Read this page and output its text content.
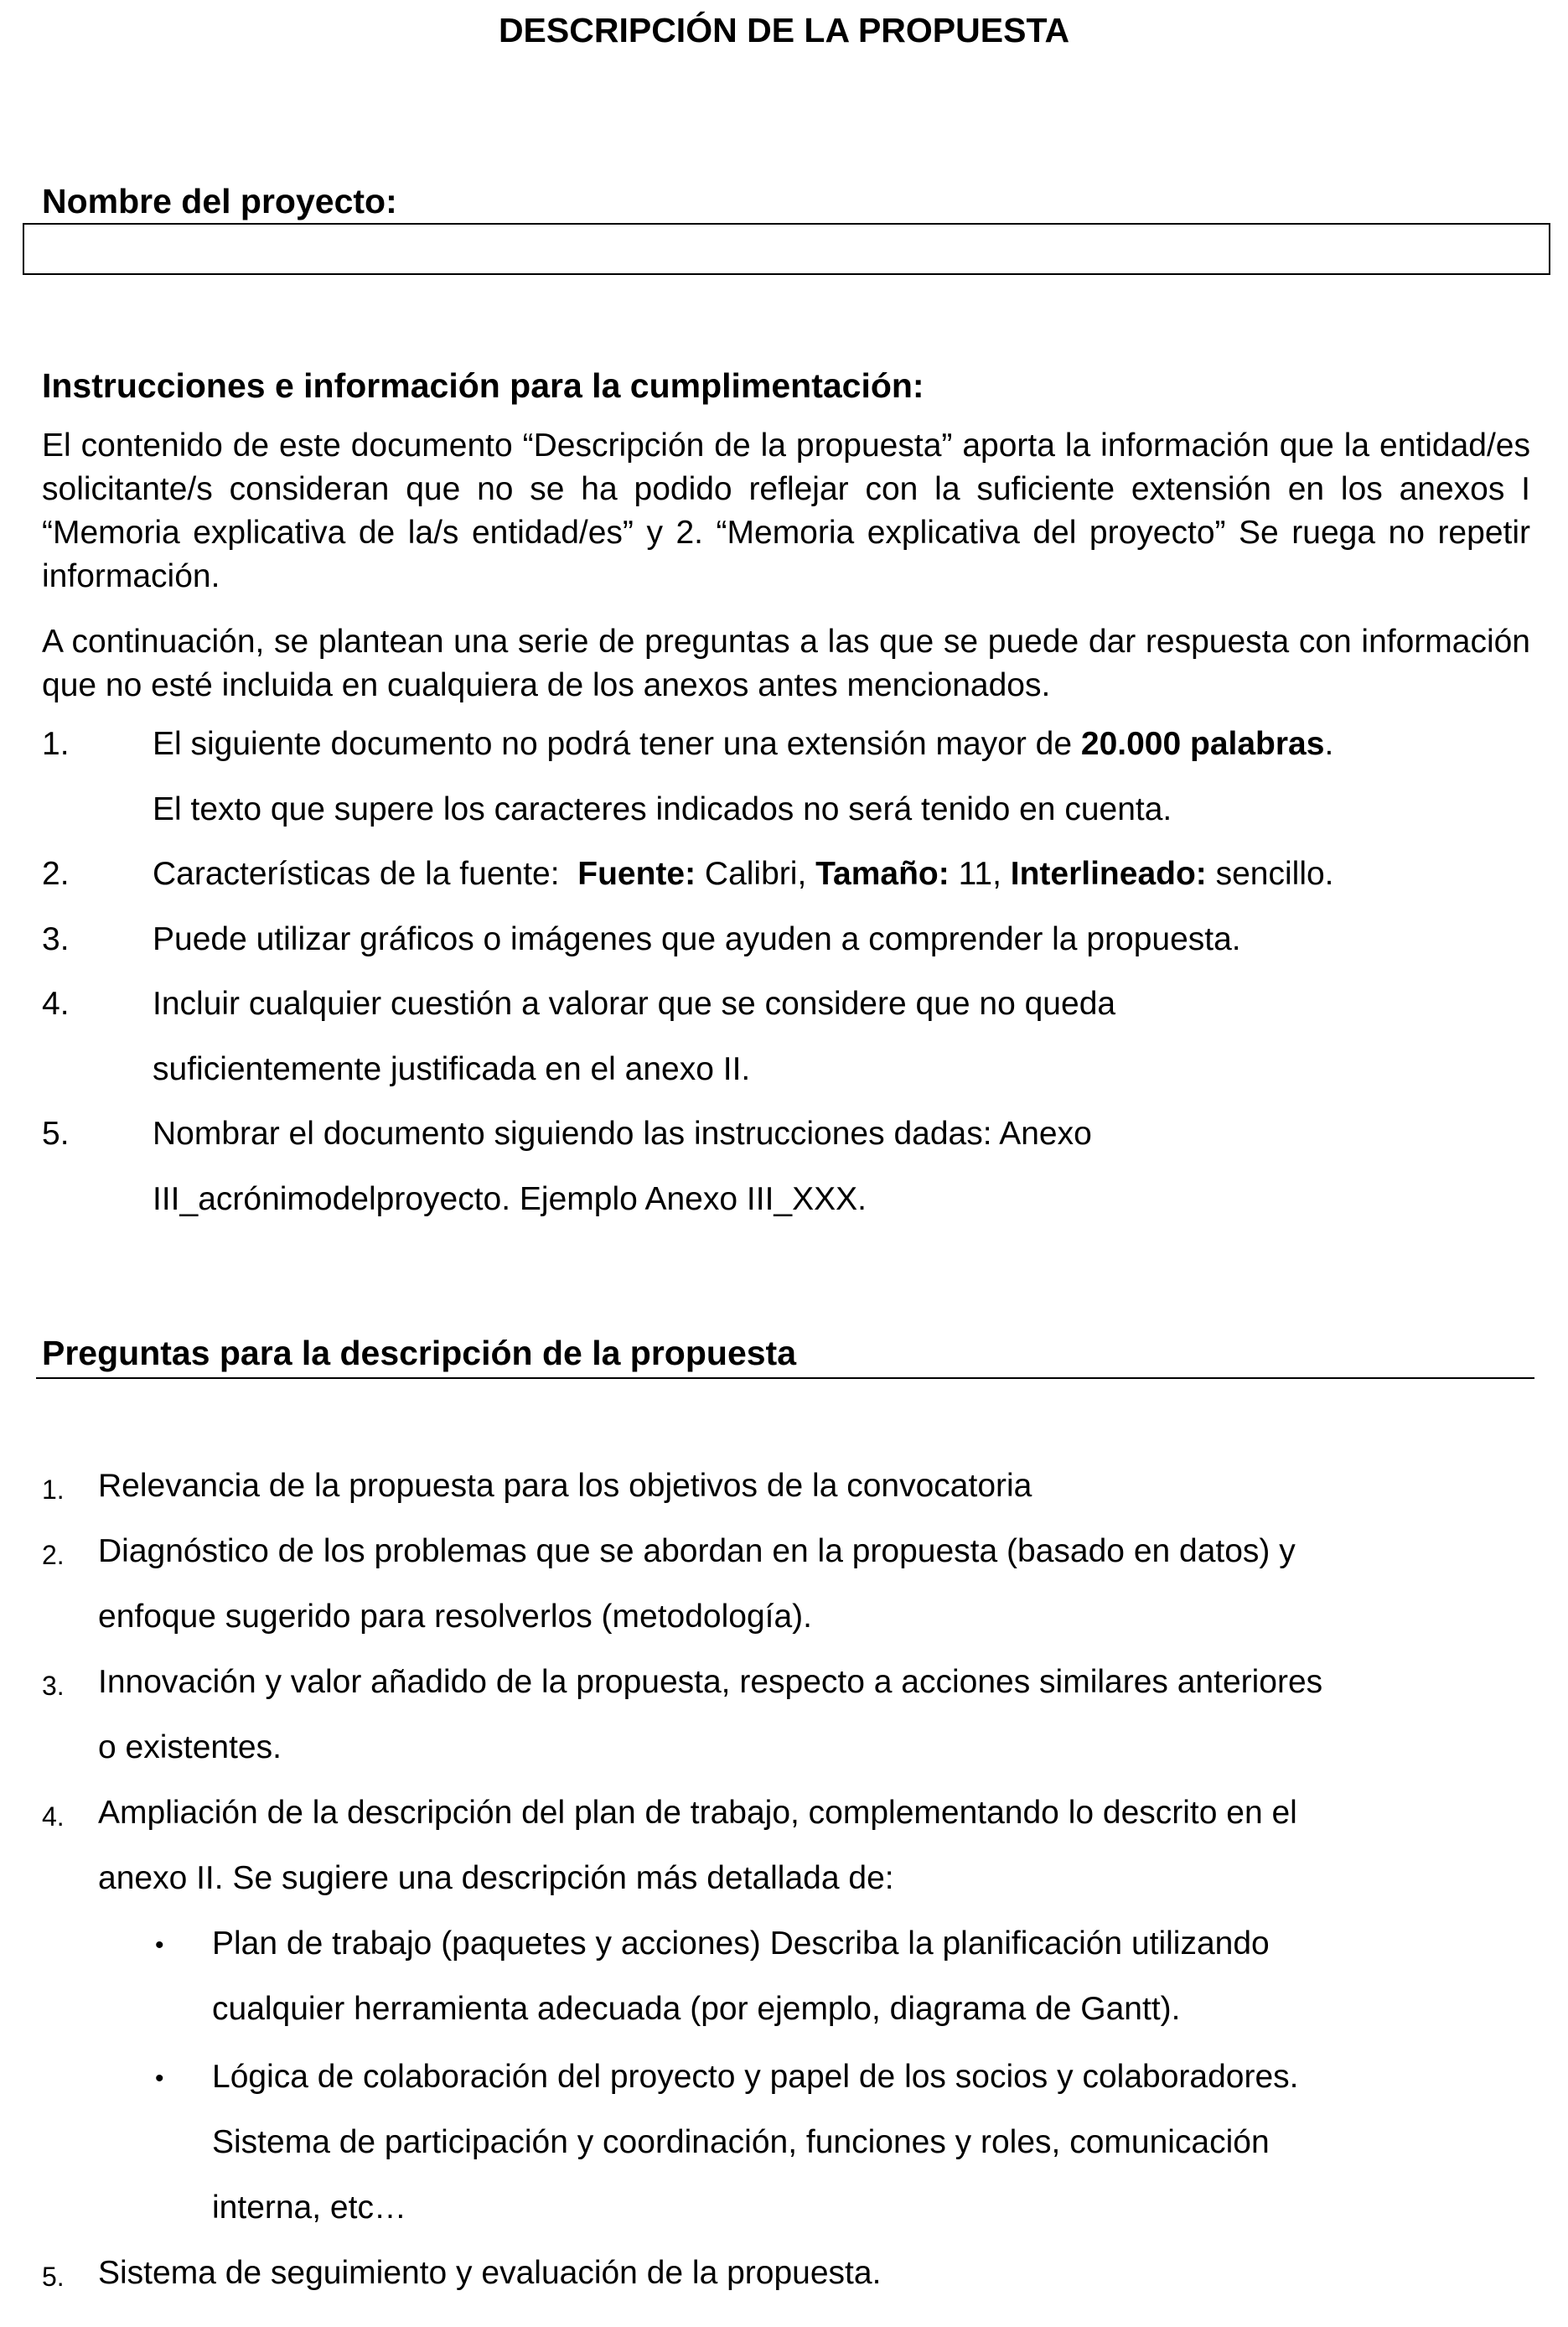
DESCRIPCIÓN DE LA PROPUESTA
Nombre del proyecto:
Instrucciones e información para la cumplimentación:
El contenido de este documento “Descripción de la propuesta” aporta la información que la entidad/es solicitante/s consideran que no se ha podido reflejar con la suficiente extensión en los anexos I “Memoria explicativa de la/s entidad/es” y 2. “Memoria explicativa del proyecto” Se ruega no repetir información.
A continuación, se plantean una serie de preguntas a las que se puede dar respuesta con información que no esté incluida en cualquiera de los anexos antes mencionados.
1.	El siguiente documento no podrá tener una extensión mayor de 20.000 palabras.
El texto que supere los caracteres indicados no será tenido en cuenta.
2.	Características de la fuente:  Fuente: Calibri, Tamaño: 11, Interlineado: sencillo.
3.	Puede utilizar gráficos o imágenes que ayuden a comprender la propuesta.
4.	Incluir cualquier cuestión a valorar que se considere que no queda
suficientemente justificada en el anexo II.
5.	Nombrar el documento siguiendo las instrucciones dadas: Anexo
III_acrónimodelproyecto. Ejemplo Anexo III_XXX.
Preguntas para la descripción de la propuesta
1. Relevancia de la propuesta para los objetivos de la convocatoria
2. Diagnóstico de los problemas que se abordan en la propuesta (basado en datos) y
enfoque sugerido para resolverlos (metodología).
3. Innovación y valor añadido de la propuesta, respecto a acciones similares anteriores
o existentes.
4. Ampliación de la descripción del plan de trabajo, complementando lo descrito en el
anexo II. Se sugiere una descripción más detallada de:
• Plan de trabajo (paquetes y acciones) Describa la planificación utilizando
cualquier herramienta adecuada (por ejemplo, diagrama de Gantt).
• Lógica de colaboración del proyecto y papel de los socios y colaboradores.
Sistema de participación y coordinación, funciones y roles, comunicación
interna, etc…
5. Sistema de seguimiento y evaluación de la propuesta.
